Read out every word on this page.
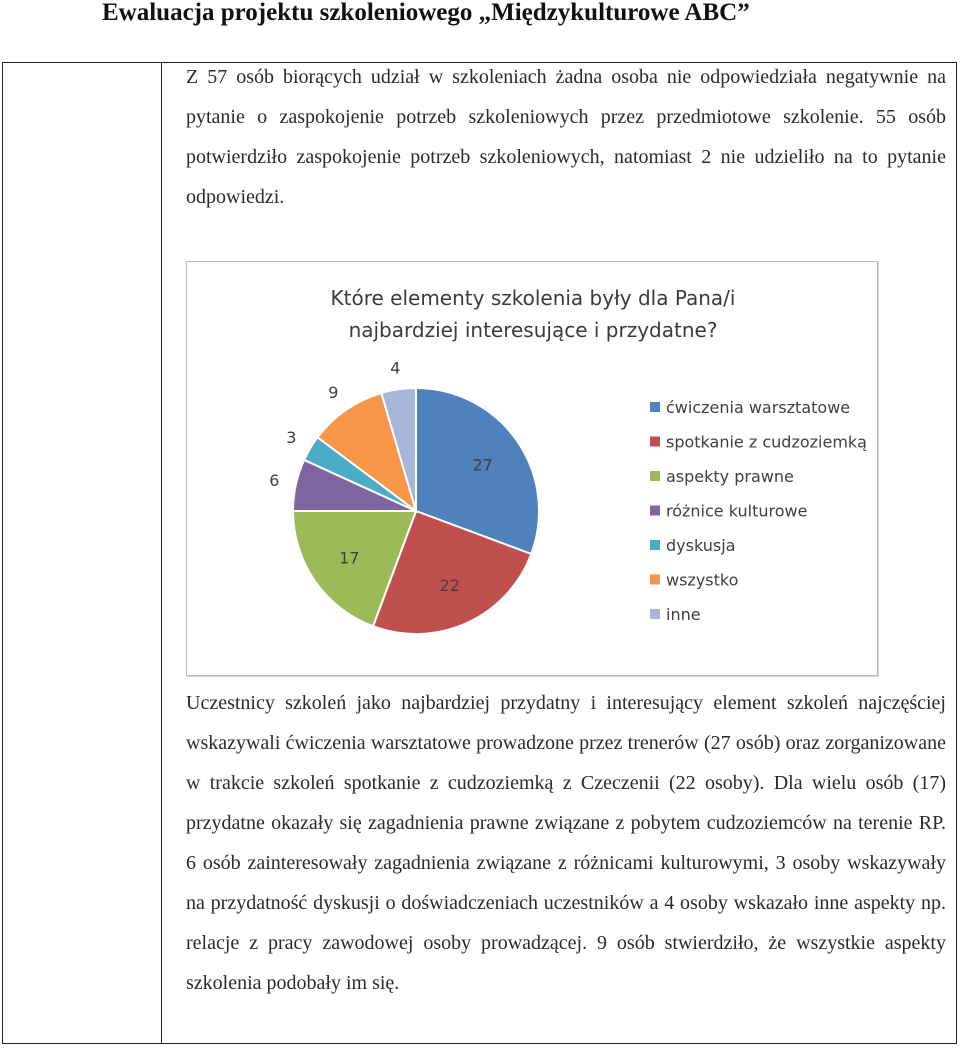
Ewaluacja projektu szkoleniowego „Międzykulturowe ABC”
Z 57 osób biorących udział w szkoleniach żadna osoba nie odpowiedziała negatywnie na pytanie o zaspokojenie potrzeb szkoleniowych przez przedmiotowe szkolenie. 55 osób potwierdziło zaspokojenie potrzeb szkoleniowych, natomiast 2 nie udzieliło na to pytanie odpowiedzi.
Które elementy szkolenia były dla Pana/i
najbardziej interesujące i przydatne?
27
22
17
6
3
9
4
ćwiczenia warsztatowe
spotkanie z cudzoziemką
aspekty prawne
różnice kulturowe
dyskusja
wszystko
inne
Uczestnicy szkoleń jako najbardziej przydatny i interesujący element szkoleń najczęściej wskazywali ćwiczenia warsztatowe prowadzone przez trenerów (27 osób) oraz zorganizowane w trakcie szkoleń spotkanie z cudzoziemką z Czeczenii (22 osoby). Dla wielu osób (17) przydatne okazały się zagadnienia prawne związane z pobytem cudzoziemców na terenie RP. 6 osób zainteresowały zagadnienia związane z różnicami kulturowymi, 3 osoby wskazywały na przydatność dyskusji o doświadczeniach uczestników a 4 osoby wskazało inne aspekty np. relacje z pracy zawodowej osoby prowadzącej. 9 osób stwierdziło, że wszystkie aspekty szkolenia podobały im się.
